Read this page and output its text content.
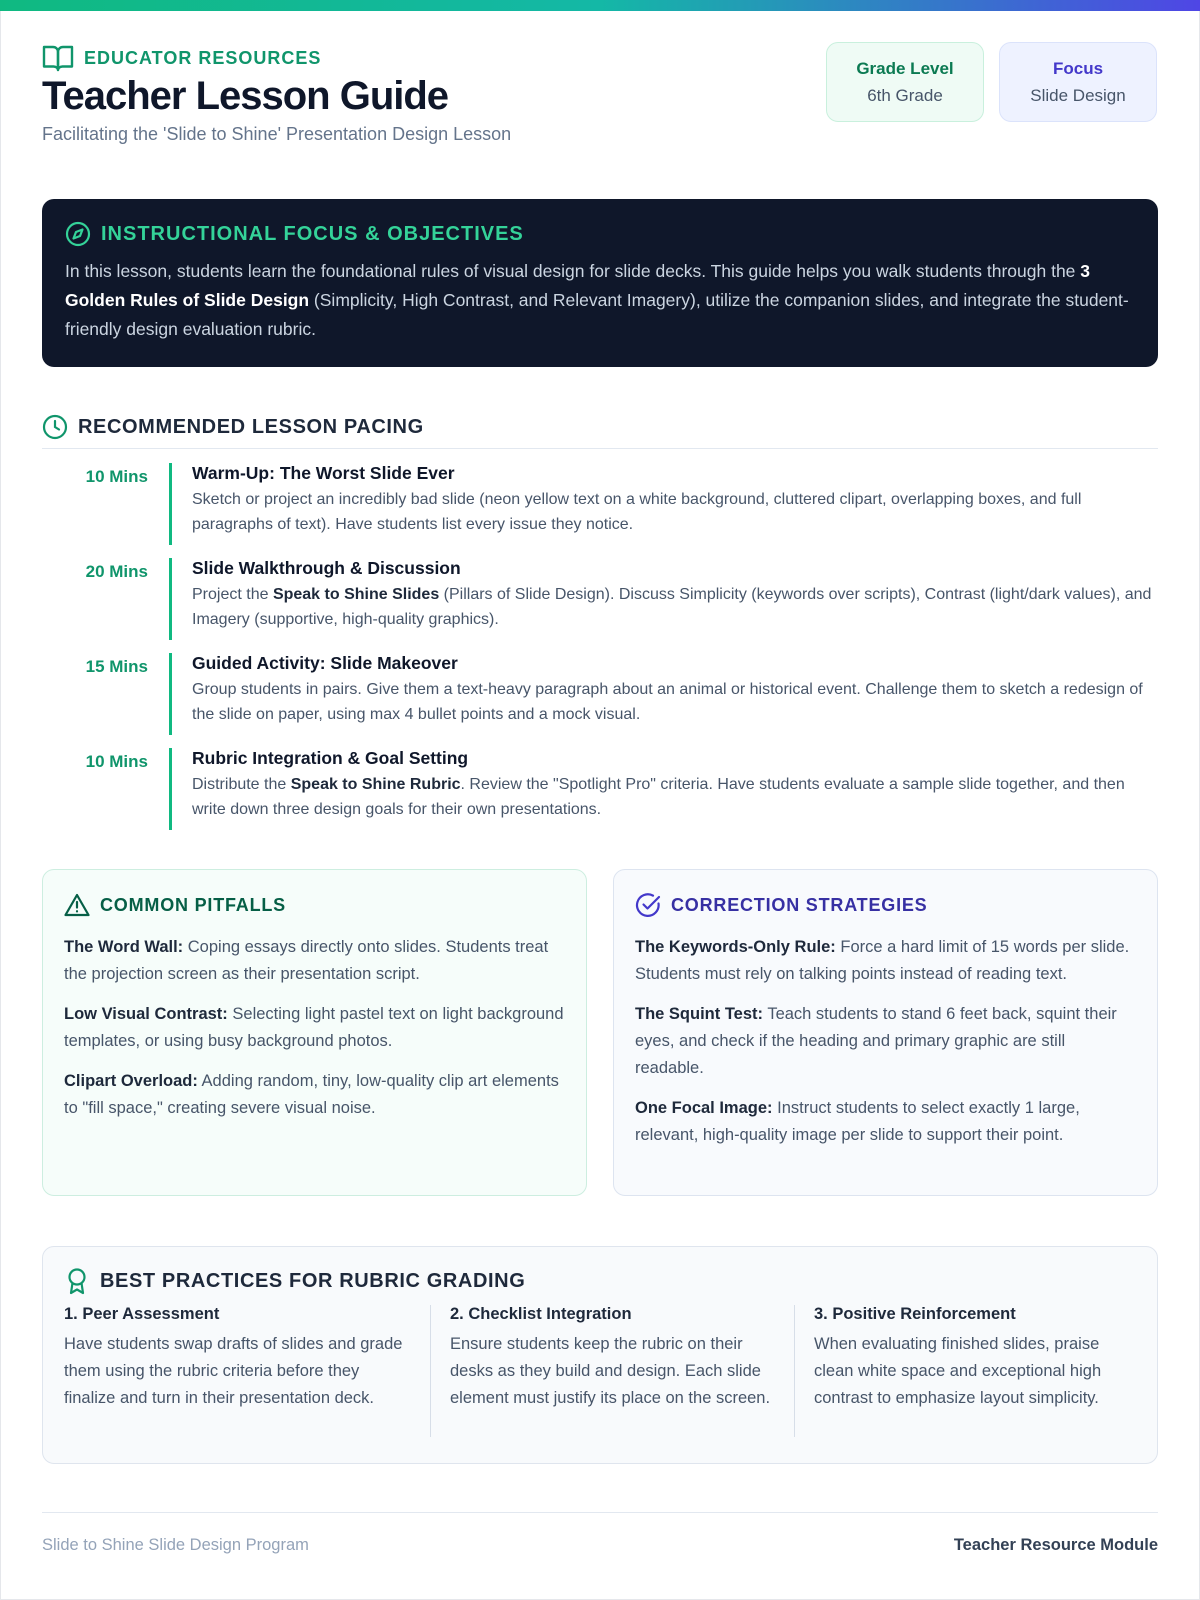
EDUCATOR RESOURCES
Teacher Lesson Guide
Facilitating the 'Slide to Shine' Presentation Design Lesson
Grade Level
6th Grade
Focus
Slide Design
INSTRUCTIONAL FOCUS & OBJECTIVES

In this lesson, students learn the foundational rules of visual design for slide decks. This guide helps you walk students through the 3 Golden Rules of Slide Design (Simplicity, High Contrast, and Relevant Imagery), utilize the companion slides, and integrate the student-friendly design evaluation rubric.

RECOMMENDED LESSON PACING
10 Mins	Warm-Up: The Worst Slide Ever
Sketch or project an incredibly bad slide (neon yellow text on a white background, cluttered clipart, overlapping boxes, and full paragraphs of text). Have students list every issue they notice.
20 Mins	Slide Walkthrough & Discussion
Project the Speak to Shine Slides (Pillars of Slide Design). Discuss Simplicity (keywords over scripts), Contrast (light/dark values), and Imagery (supportive, high-quality graphics).
15 Mins	Guided Activity: Slide Makeover
Group students in pairs. Give them a text-heavy paragraph about an animal or historical event. Challenge them to sketch a redesign of the slide on paper, using max 4 bullet points and a mock visual.
10 Mins	Rubric Integration & Goal Setting
Distribute the Speak to Shine Rubric. Review the "Spotlight Pro" criteria. Have students evaluate a sample slide together, and then write down three design goals for their own presentations.
COMMON PITFALLS

The Word Wall: Coping essays directly onto slides. Students treat the projection screen as their presentation script.

Low Visual Contrast: Selecting light pastel text on light background templates, or using busy background photos.

Clipart Overload: Adding random, tiny, low-quality clip art elements to "fill space," creating severe visual noise.

CORRECTION STRATEGIES

The Keywords-Only Rule: Force a hard limit of 15 words per slide. Students must rely on talking points instead of reading text.

The Squint Test: Teach students to stand 6 feet back, squint their eyes, and check if the heading and primary graphic are still readable.

One Focal Image: Instruct students to select exactly 1 large, relevant, high-quality image per slide to support their point.

BEST PRACTICES FOR RUBRIC GRADING
1. Peer Assessment
Have students swap drafts of slides and grade them using the rubric criteria before they finalize and turn in their presentation deck.
2. Checklist Integration
Ensure students keep the rubric on their desks as they build and design. Each slide element must justify its place on the screen.
3. Positive Reinforcement
When evaluating finished slides, praise clean white space and exceptional high contrast to emphasize layout simplicity.
Slide to Shine Slide Design Program	Teacher Resource Module
